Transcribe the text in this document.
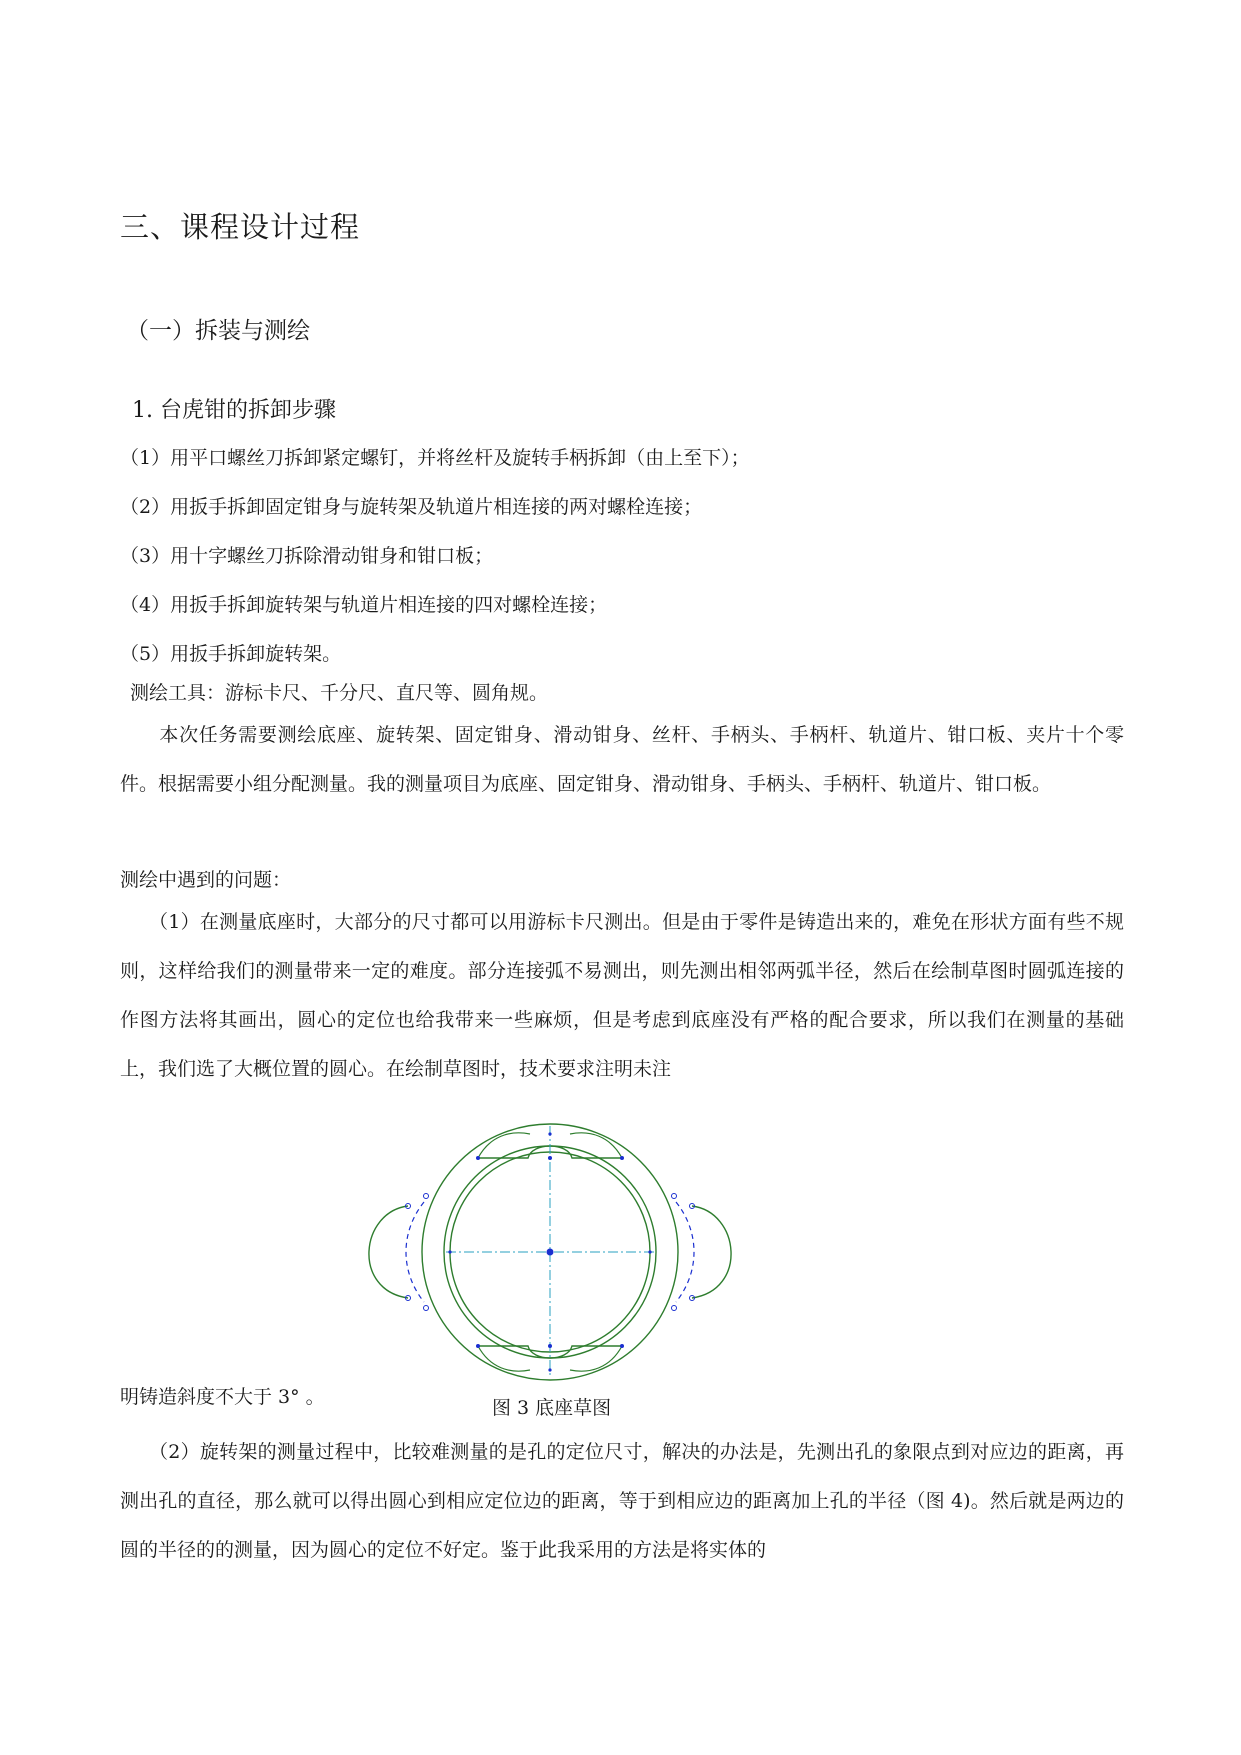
三、课程设计过程
（一）拆装与测绘
1. 台虎钳的拆卸步骤
（1）用平口螺丝刀拆卸紧定螺钉，并将丝杆及旋转手柄拆卸（由上至下）；
（2）用扳手拆卸固定钳身与旋转架及轨道片相连接的两对螺栓连接；
（3）用十字螺丝刀拆除滑动钳身和钳口板；
（4）用扳手拆卸旋转架与轨道片相连接的四对螺栓连接；
（5）用扳手拆卸旋转架。
测绘工具：游标卡尺、千分尺、直尺等、圆角规。

　　本次任务需要测绘底座、旋转架、固定钳身、滑动钳身、丝杆、手柄头、手柄杆、轨道片、钳口板、夹片十个零件。根据需要小组分配测量。我的测量项目为底座、固定钳身、滑动钳身、手柄头、手柄杆、轨道片、钳口板。

测绘中遇到的问题：

　　（1）在测量底座时，大部分的尺寸都可以用游标卡尺测出。但是由于零件是铸造出来的，难免在形状方面有些不规则，这样给我们的测量带来一定的难度。部分连接弧不易测出，则先测出相邻两弧半径，然后在绘制草图时圆弧连接的作图方法将其画出，圆心的定位也给我带来一些麻烦，但是考虑到底座没有严格的配合要求，所以我们在测量的基础上，我们选了大概位置的圆心。在绘制草图时，技术要求注明未注

明铸造斜度不大于 3° 。	图 3 底座草图

　　（2）旋转架的测量过程中，比较难测量的是孔的定位尺寸，解决的办法是，先测出孔的象限点到对应边的距离，再测出孔的直径，那么就可以得出圆心到相应定位边的距离，等于到相应边的距离加上孔的半径（图 4)。然后就是两边的圆的半径的的测量，因为圆心的定位不好定。鉴于此我采用的方法是将实体的
